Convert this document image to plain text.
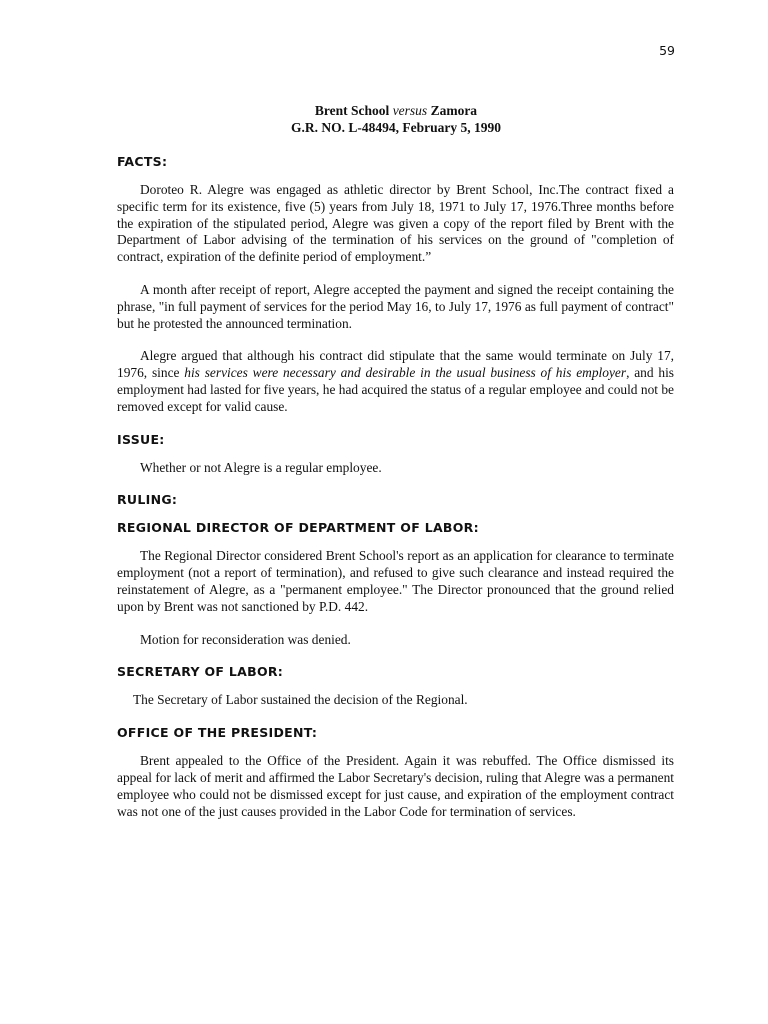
59
Brent School versus Zamora
G.R. NO. L-48494, February 5, 1990
FACTS:

Doroteo R. Alegre was engaged as athletic director by Brent School, Inc.The contract fixed a specific term for its existence, five (5) years from July 18, 1971 to July 17, 1976.Three months before the expiration of the stipulated period, Alegre was given a copy of the report filed by Brent with the Department of Labor advising of the termination of his services on the ground of "completion of contract, expiration of the definite period of employment.”

A month after receipt of report, Alegre accepted the payment and signed the receipt containing the phrase, "in full payment of services for the period May 16, to July 17, 1976 as full payment of contract" but he protested the announced termination.

Alegre argued that although his contract did stipulate that the same would terminate on July 17, 1976, since his services were necessary and desirable in the usual business of his employer, and his employment had lasted for five years, he had acquired the status of a regular employee and could not be removed except for valid cause.

ISSUE:

Whether or not Alegre is a regular employee.

RULING:
REGIONAL DIRECTOR OF DEPARTMENT OF LABOR:

The Regional Director considered Brent School's report as an application for clearance to terminate employment (not a report of termination), and refused to give such clearance and instead required the reinstatement of Alegre, as a "permanent employee." The Director pronounced that the ground relied upon by Brent was not sanctioned by P.D. 442.

Motion for reconsideration was denied.

SECRETARY OF LABOR:

The Secretary of Labor sustained the decision of the Regional.

OFFICE OF THE PRESIDENT:

Brent appealed to the Office of the President. Again it was rebuffed. The Office dismissed its appeal for lack of merit and affirmed the Labor Secretary's decision, ruling that Alegre was a permanent employee who could not be dismissed except for just cause, and expiration of the employment contract was not one of the just causes provided in the Labor Code for termination of services.
